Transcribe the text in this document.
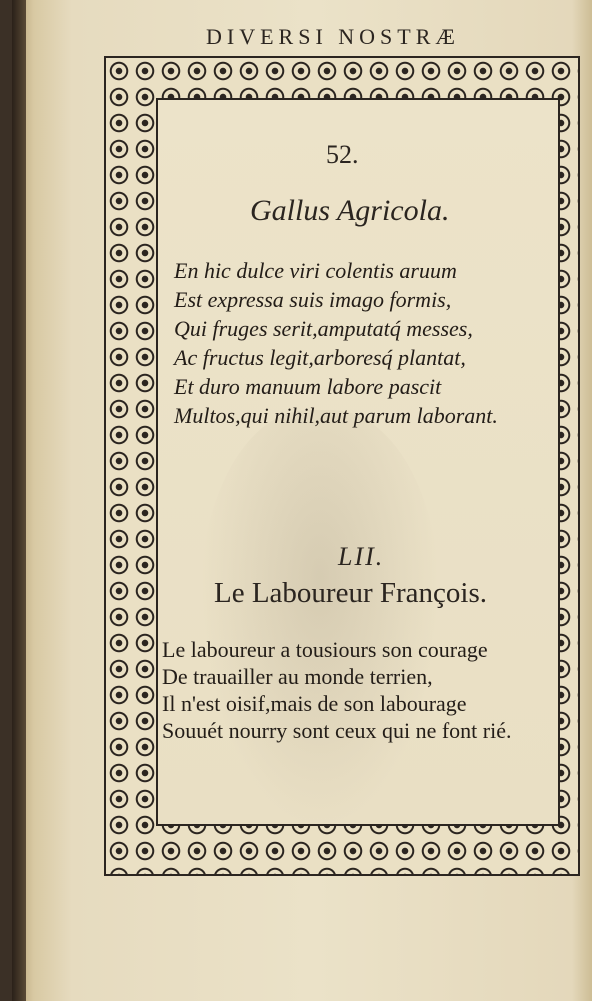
DIVERSI NOSTRÆ
52.
Gallus Agricola.
En hic dulce viri colentis aruum
Est expressa suis imago formis,
Qui fruges serit,amputatq́ messes,
Ac fructus legit,arboresq́ plantat,
Et duro manuum labore pascit
Multos,qui nihil,aut parum laborant.
LII.
Le Laboureur François.
Le laboureur a tousiours son courage
De trauailler au monde terrien,
Il n'est oisif,mais de son labourage
Souuét nourry sont ceux qui ne font rié.
